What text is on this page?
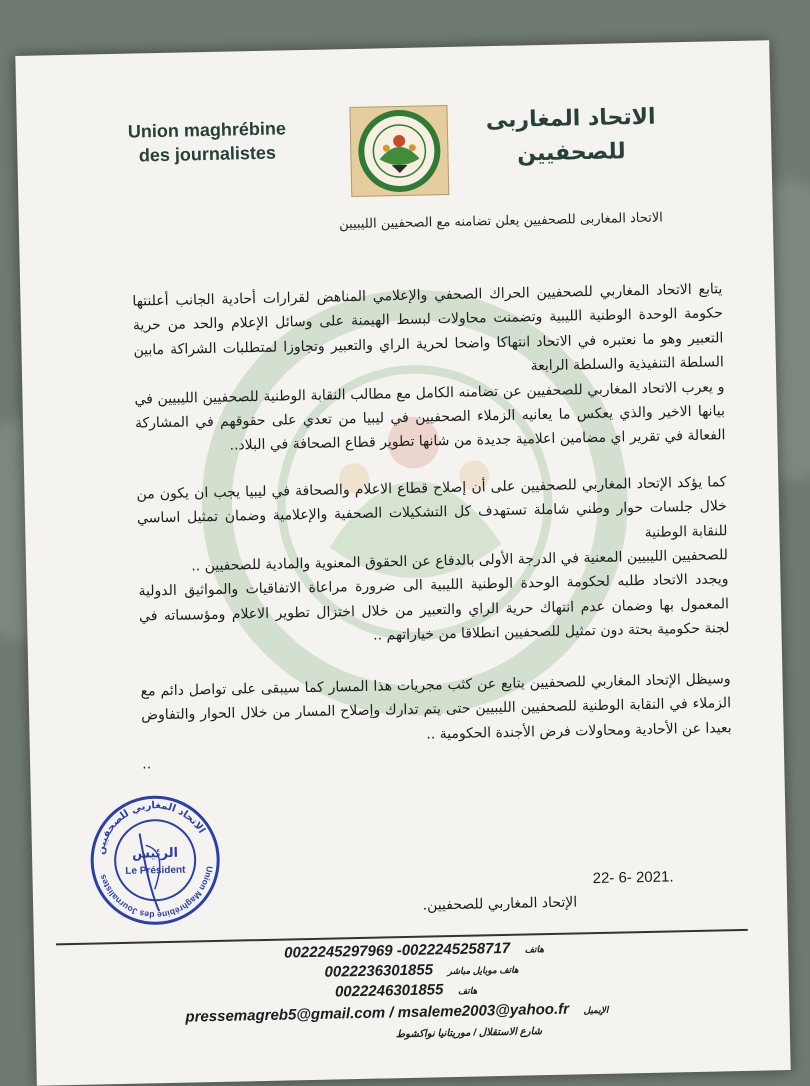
Union maghrébine
des journalistes
الاتحاد المغاربى
للصحفيين
الاتحاد المغاربى للصحفيين يعلن تضامنه مع الصحفيين الليبيين

يتابع الاتحاد المغاربي للصحفيين الحراك الصحفي والإعلامي المناهض لقرارات أحادية الجانب أعلنتها حكومة الوحدة الوطنية الليبية وتضمنت محاولات لبسط الهيمنة على وسائل الإعلام والحد من حرية التعبير وهو ما نعتبره في الاتحاد انتهاكا واضحا لحرية الراي والتعبير وتجاوزا لمتطلبات الشراكة مابين السلطة التنفيذية والسلطة الرابعة

و يعرب الاتحاد المغاربي للصحفيين عن تضامنه الكامل مع مطالب النقابة الوطنية للصحفيين الليبيين في بيانها الاخير والذي يعكس ما يعانيه الزملاء الصحفيين في ليبيا من تعدي على حقوقهم في المشاركة الفعالة في تقرير اي مضامين اعلامية جديدة من شانها تطوير قطاع الصحافة في البلاد..

كما يؤكد الإتحاد المغاربي للصحفيين على أن إصلاح قطاع الاعلام والصحافة في ليبيا يجب ان يكون من خلال جلسات حوار وطني شاملة تستهدف كل التشكيلات الصحفية والإعلامية وضمان تمثيل اساسي للنقابة الوطنية

للصحفيين الليبيين المعنية في الدرجة الأولى بالدفاع عن الحقوق المعنوية والمادية للصحفيين ..

ويجدد الاتحاد طلبه لحكومة الوحدة الوطنية الليبية الى ضرورة مراعاة الاتفاقيات والمواثيق الدولية المعمول بها وضمان عدم انتهاك حرية الراي والتعبير من خلال اختزال تطوير الاعلام ومؤسساته في لجنة حكومية بحتة دون تمثيل للصحفيين انطلاقا من خياراتهم ..

وسيظل الإتحاد المغاربي للصحفيين يتابع عن كثب مجريات هذا المسار كما سيبقى على تواصل دائم مع الزملاء في النقابة الوطنية للصحفيين الليبيين حتى يتم تدارك وإصلاح المسار من خلال الحوار والتفاوض بعيدا عن الأحادية ومحاولات فرض الأجندة الحكومية ..

..
الاتحاد المغاربي للصحفيين
Union Maghrébine des Journalistes
الرئيس
Le Président	22- 6- 2021.
الإتحاد المغاربي للصحفيين.
0022245297969 -0022245258717 هاتف
0022236301855 هاتف موبايل مباشر
0022246301855 هاتف
pressemagreb5@gmail.com / msaleme2003@yahoo.fr الإيميل
شارع الاستقلال / موريتانيا نواكشوط
